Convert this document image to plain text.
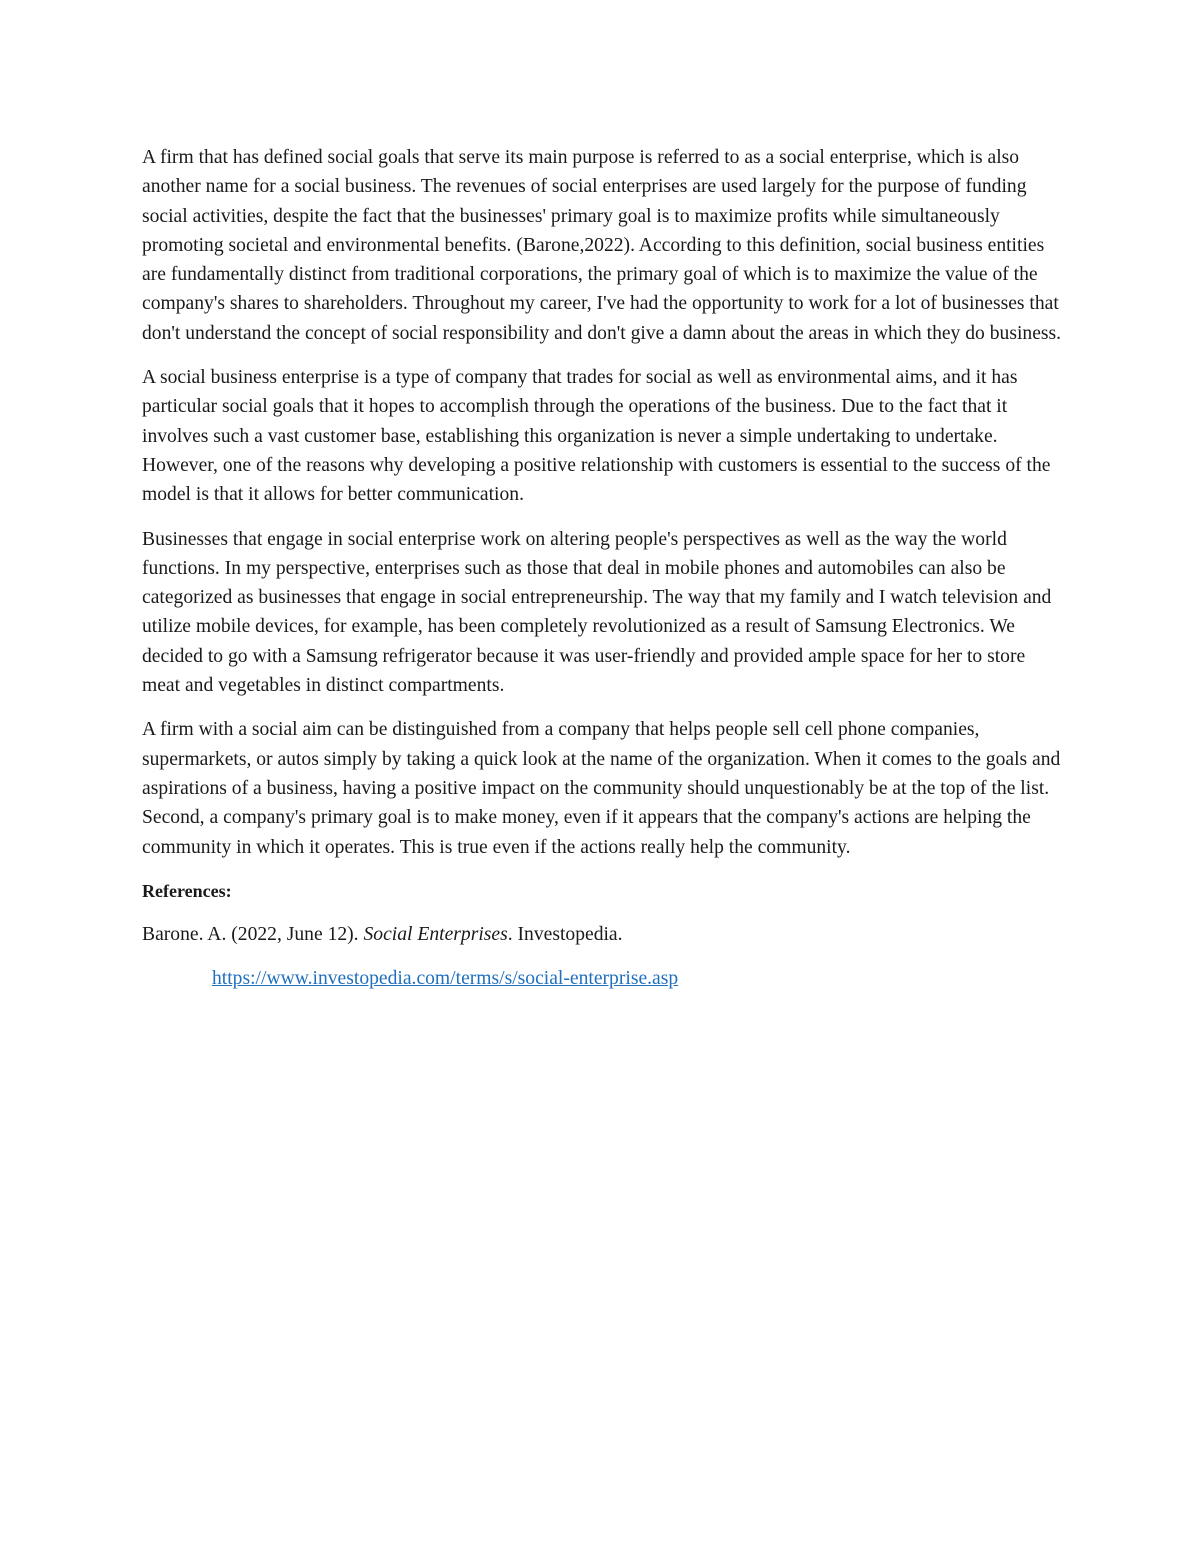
A firm that has defined social goals that serve its main purpose is referred to as a social enterprise, which is also another name for a social business. The revenues of social enterprises are used largely for the purpose of funding social activities, despite the fact that the businesses' primary goal is to maximize profits while simultaneously promoting societal and environmental benefits. (Barone,2022). According to this definition, social business entities are fundamentally distinct from traditional corporations, the primary goal of which is to maximize the value of the company's shares to shareholders. Throughout my career, I've had the opportunity to work for a lot of businesses that don't understand the concept of social responsibility and don't give a damn about the areas in which they do business.

A social business enterprise is a type of company that trades for social as well as environmental aims, and it has particular social goals that it hopes to accomplish through the operations of the business. Due to the fact that it involves such a vast customer base, establishing this organization is never a simple undertaking to undertake. However, one of the reasons why developing a positive relationship with customers is essential to the success of the model is that it allows for better communication.

Businesses that engage in social enterprise work on altering people's perspectives as well as the way the world functions. In my perspective, enterprises such as those that deal in mobile phones and automobiles can also be categorized as businesses that engage in social entrepreneurship. The way that my family and I watch television and utilize mobile devices, for example, has been completely revolutionized as a result of Samsung Electronics. We decided to go with a Samsung refrigerator because it was user-friendly and provided ample space for her to store meat and vegetables in distinct compartments.

A firm with a social aim can be distinguished from a company that helps people sell cell phone companies, supermarkets, or autos simply by taking a quick look at the name of the organization. When it comes to the goals and aspirations of a business, having a positive impact on the community should unquestionably be at the top of the list. Second, a company's primary goal is to make money, even if it appears that the company's actions are helping the community in which it operates. This is true even if the actions really help the community.

References:
Barone. A. (2022, June 12). Social Enterprises. Investopedia.
https://www.investopedia.com/terms/s/social-enterprise.asp
